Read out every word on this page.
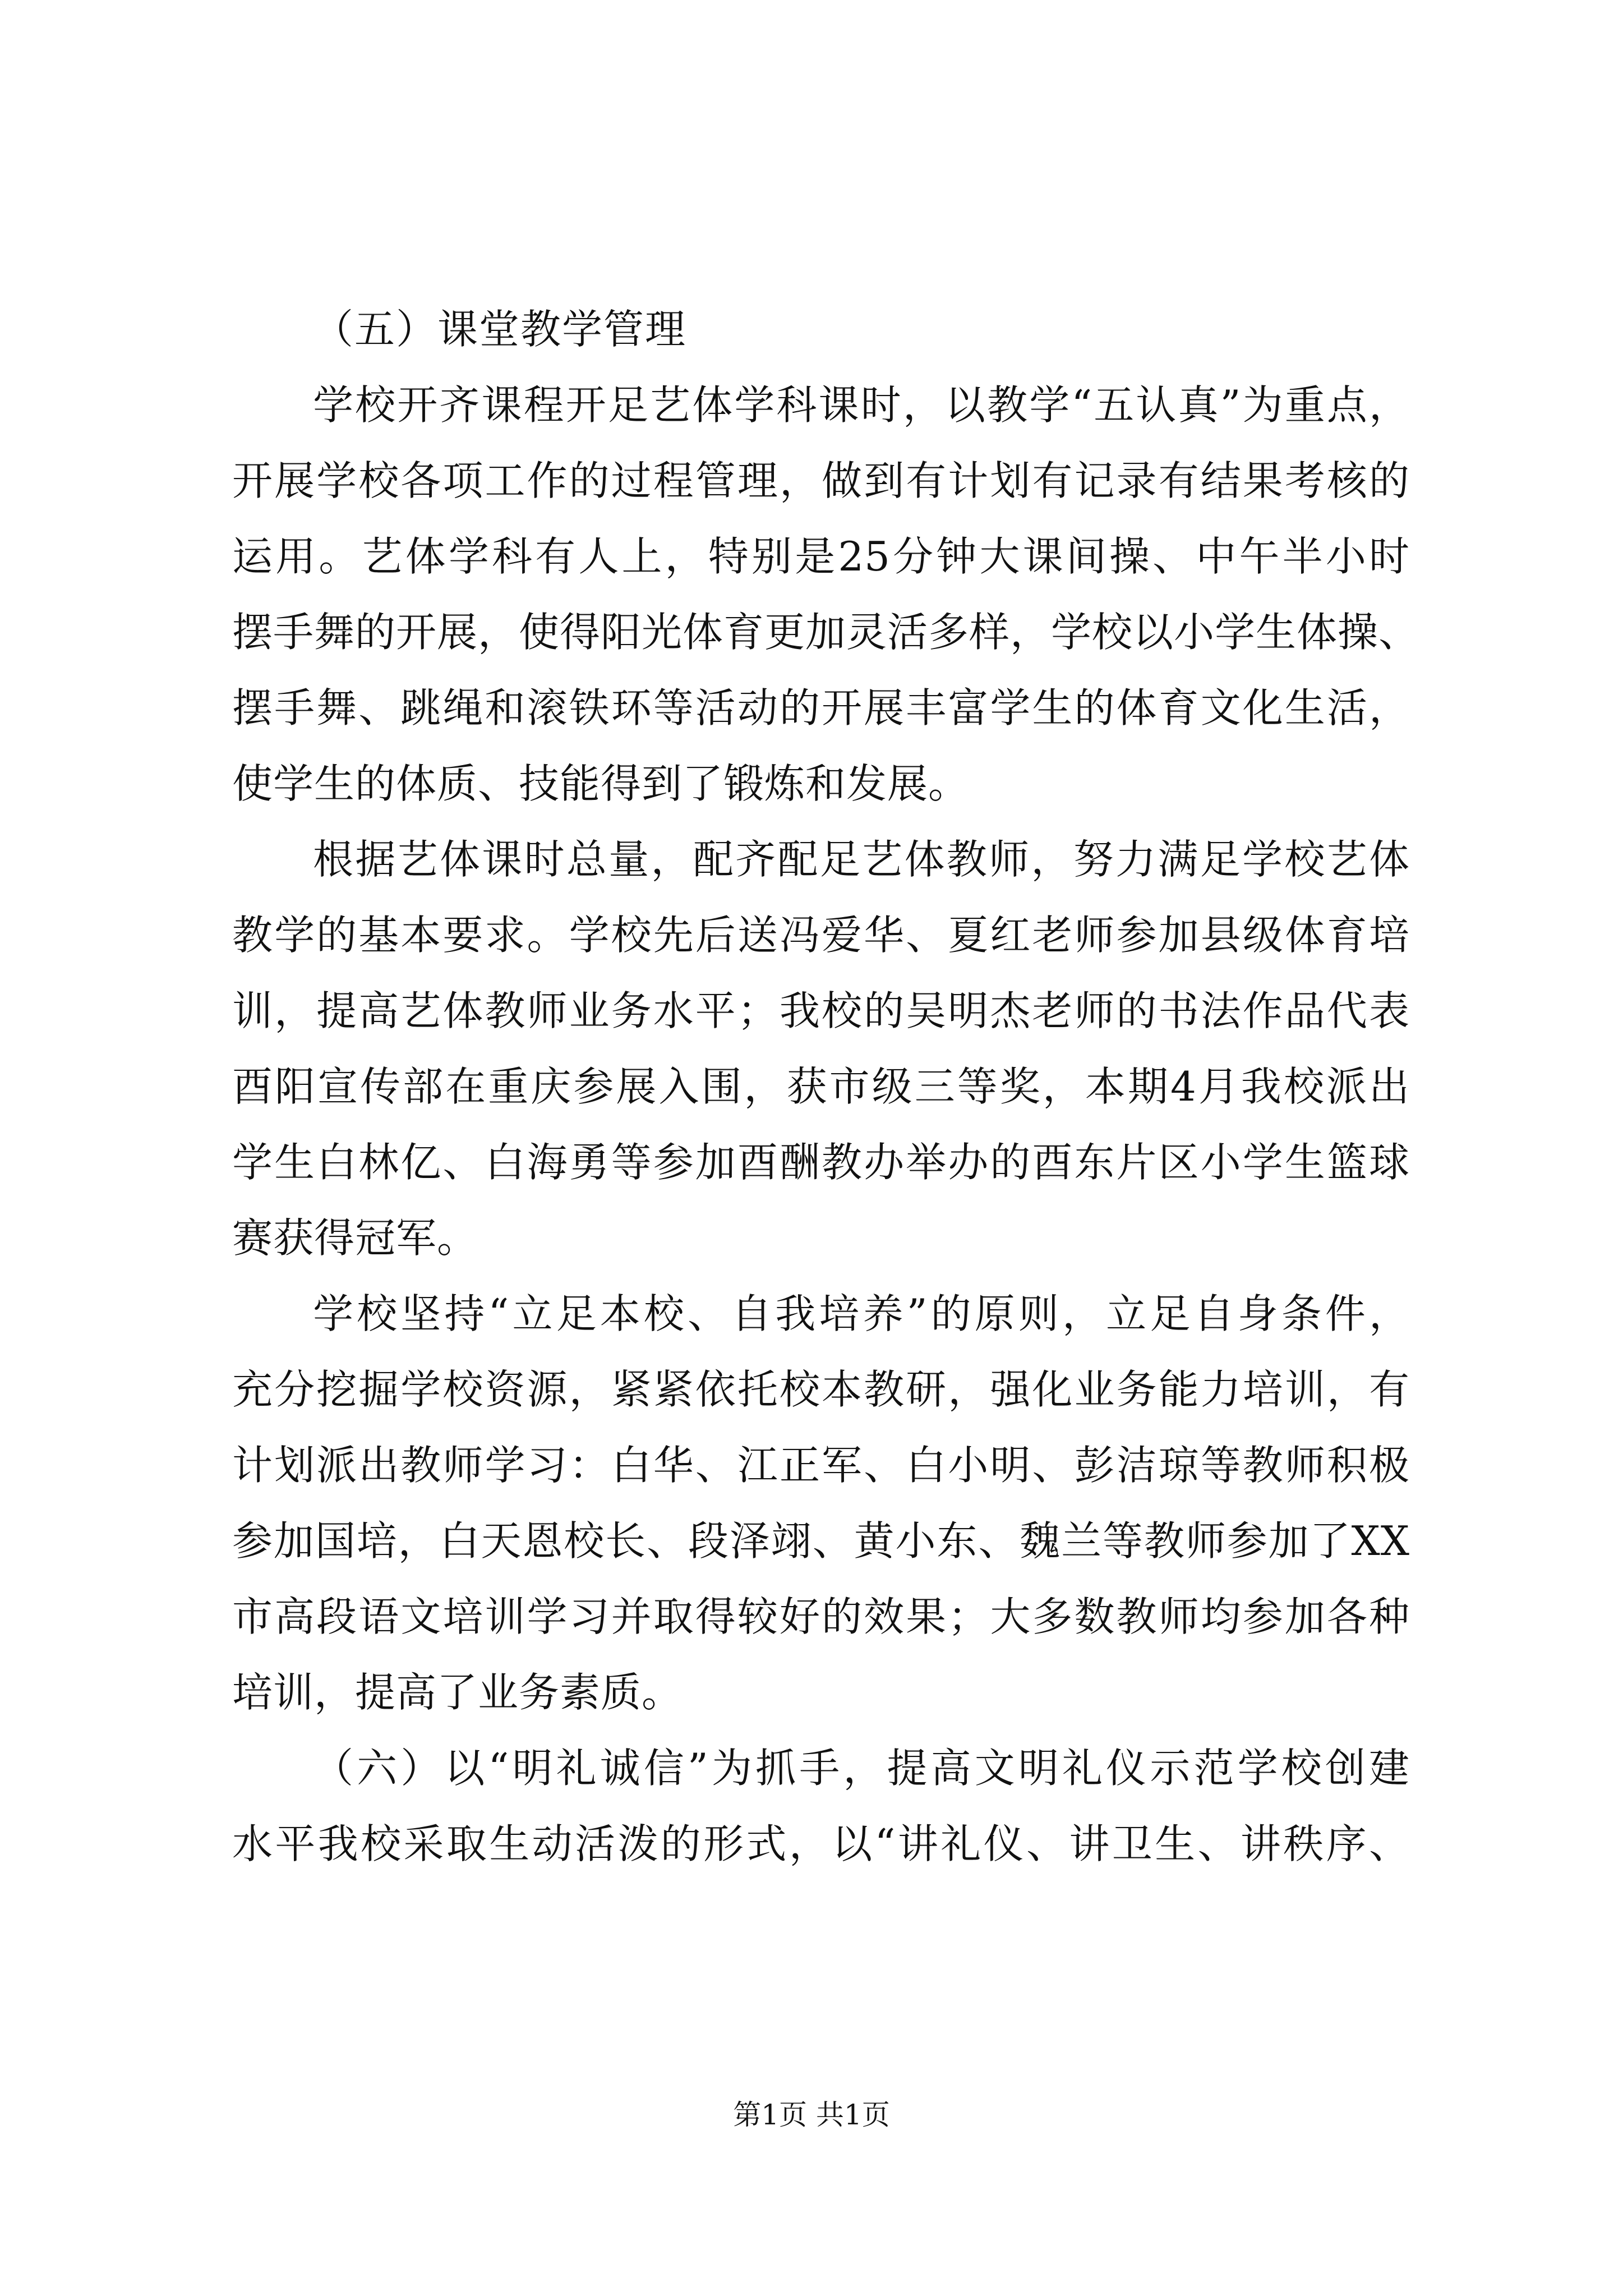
（五）课堂教学管理

学校开齐课程开足艺体学科课时，以教学“五认真”为重点，
开展学校各项工作的过程管理，做到有计划有记录有结果考核的
运用。艺体学科有人上，特别是25分钟大课间操、中午半小时
摆手舞的开展，使得阳光体育更加灵活多样，学校以小学生体操、
摆手舞、跳绳和滚铁环等活动的开展丰富学生的体育文化生活，
使学生的体质、技能得到了锻炼和发展。

根据艺体课时总量，配齐配足艺体教师，努力满足学校艺体
教学的基本要求。学校先后送冯爱华、夏红老师参加县级体育培
训，提高艺体教师业务水平；我校的吴明杰老师的书法作品代表
酉阳宣传部在重庆参展入围，获市级三等奖，本期4月我校派出
学生白林亿、白海勇等参加酉酬教办举办的酉东片区小学生篮球
赛获得冠军。

学校坚持“立足本校、自我培养”的原则，立足自身条件，
充分挖掘学校资源，紧紧依托校本教研，强化业务能力培训，有
计划派出教师学习：白华、江正军、白小明、彭洁琼等教师积极
参加国培，白天恩校长、段泽翊、黄小东、魏兰等教师参加了XX
市高段语文培训学习并取得较好的效果；大多数教师均参加各种
培训，提高了业务素质。

（六）以“明礼诚信”为抓手，提高文明礼仪示范学校创建
水平我校采取生动活泼的形式，以“讲礼仪、讲卫生、讲秩序、

第1页 共1页
